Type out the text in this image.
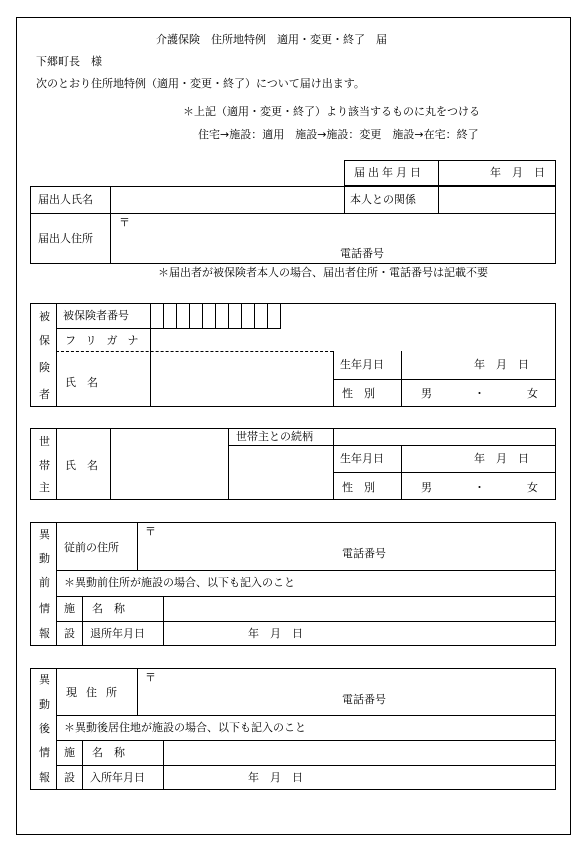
介護保険　住所地特例　適用・変更・終了　届
下郷町長　様
次のとおり住所地特例（適用・変更・終了）について届け出ます。
＊上記（適用・変更・終了）より該当するものに丸をつける
住宅→施設：適用　施設→施設：変更　施設→在宅：終了
届出年月日	年　月　日
届出人氏名	本人との関係
届出人住所
〒
電話番号
＊届出者が被保険者本人の場合、届出者住所・電話番号は記載不要
被
保
険
者
被保険者番号
フリガナ
氏　名
生年月日	年　月　日
性　別	男	・	女
世
帯
主
氏　名
世帯主との続柄
生年月日	年　月　日
性　別	男	・	女
異
動
前
情
報
従前の住所
〒
電話番号
＊異動前住所が施設の場合、以下も記入のこと
施
設
名　称
退所年月日	年　月　日
異
動
後
情
報
現住所
〒
電話番号
＊異動後居住地が施設の場合、以下も記入のこと
施
設
名　称
入所年月日	年　月　日
